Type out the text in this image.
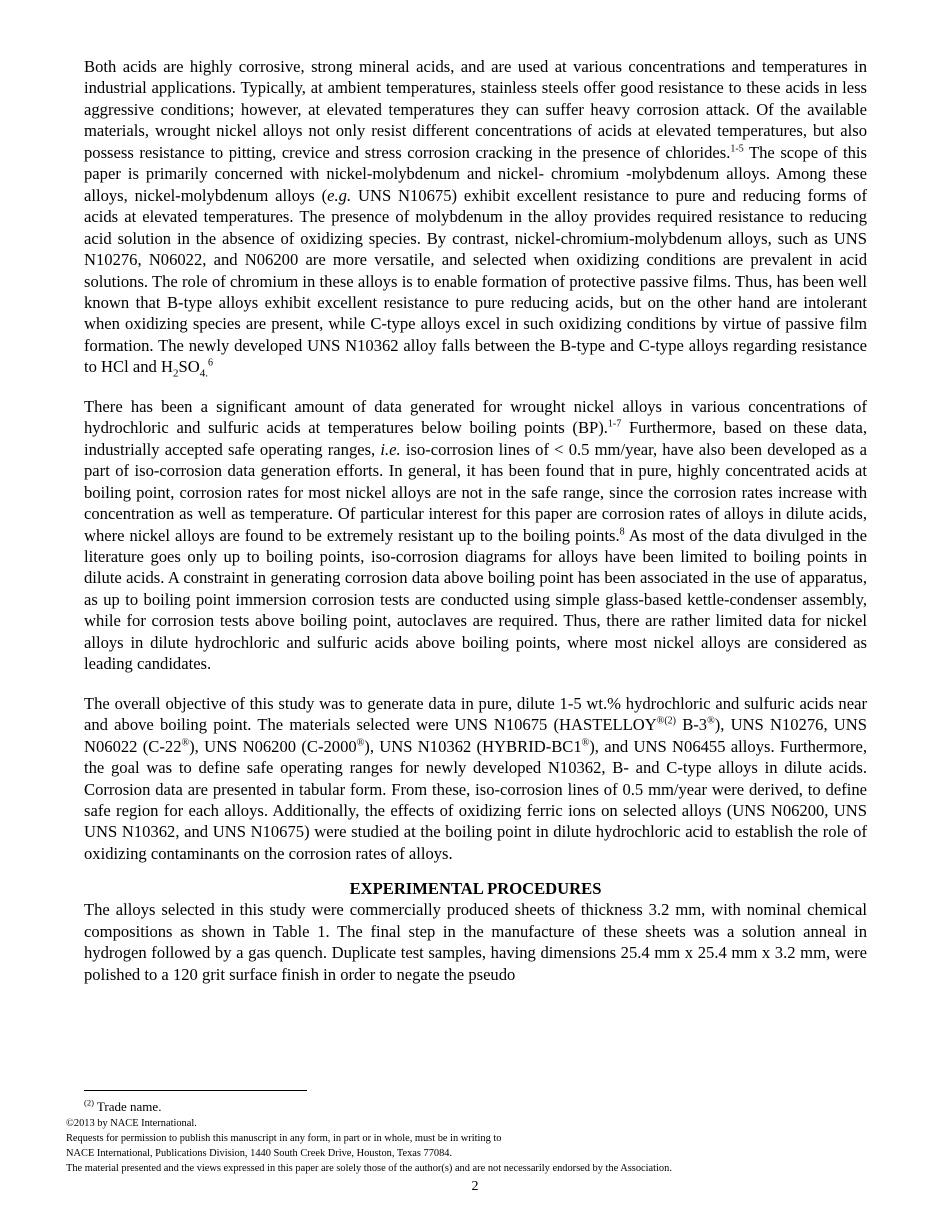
Both acids are highly corrosive, strong mineral acids, and are used at various concentrations and temperatures in industrial applications. Typically, at ambient temperatures, stainless steels offer good resistance to these acids in less aggressive conditions; however, at elevated temperatures they can suffer heavy corrosion attack. Of the available materials, wrought nickel alloys not only resist different concentrations of acids at elevated temperatures, but also possess resistance to pitting, crevice and stress corrosion cracking in the presence of chlorides.$^{1-5}$ The scope of this paper is primarily concerned with nickel-molybdenum and nickel- chromium -molybdenum alloys. Among these alloys, nickel-molybdenum alloys (e.g. UNS N10675) exhibit excellent resistance to pure and reducing forms of acids at elevated temperatures. The presence of molybdenum in the alloy provides required resistance to reducing acid solution in the absence of oxidizing species. By contrast, nickel-chromium-molybdenum alloys, such as UNS N10276, N06022, and N06200 are more versatile, and selected when oxidizing conditions are prevalent in acid solutions. The role of chromium in these alloys is to enable formation of protective passive films. Thus, has been well known that B-type alloys exhibit excellent resistance to pure reducing acids, but on the other hand are intolerant when oxidizing species are present, while C-type alloys excel in such oxidizing conditions by virtue of passive film formation. The newly developed UNS N10362 alloy falls between the B-type and C-type alloys regarding resistance to HCl and $H_2SO_{4.}^6$

There has been a significant amount of data generated for wrought nickel alloys in various concentrations of hydrochloric and sulfuric acids at temperatures below boiling points (BP).$^{1-7}$ Furthermore, based on these data, industrially accepted safe operating ranges, i.e. iso-corrosion lines of < 0.5 mm/year, have also been developed as a part of iso-corrosion data generation efforts. In general, it has been found that in pure, highly concentrated acids at boiling point, corrosion rates for most nickel alloys are not in the safe range, since the corrosion rates increase with concentration as well as temperature. Of particular interest for this paper are corrosion rates of alloys in dilute acids, where nickel alloys are found to be extremely resistant up to the boiling points.$^8$ As most of the data divulged in the literature goes only up to boiling points, iso-corrosion diagrams for alloys have been limited to boiling points in dilute acids. A constraint in generating corrosion data above boiling point has been associated in the use of apparatus, as up to boiling point immersion corrosion tests are conducted using simple glass-based kettle-condenser assembly, while for corrosion tests above boiling point, autoclaves are required. Thus, there are rather limited data for nickel alloys in dilute hydrochloric and sulfuric acids above boiling points, where most nickel alloys are considered as leading candidates.

The overall objective of this study was to generate data in pure, dilute 1-5 wt.% hydrochloric and sulfuric acids near and above boiling point. The materials selected were UNS N10675 ($HASTELLOY^{®(2)}$ B-3®), UNS N10276, UNS N06022 (C-22®), UNS N06200 (C-2000®), UNS N10362 (HYBRID-BC1®), and UNS N06455 alloys. Furthermore, the goal was to define safe operating ranges for newly developed N10362, B- and C-type alloys in dilute acids. Corrosion data are presented in tabular form. From these, iso-corrosion lines of 0.5 mm/year were derived, to define safe region for each alloys. Additionally, the effects of oxidizing ferric ions on selected alloys (UNS N06200, UNS UNS N10362, and UNS N10675) were studied at the boiling point in dilute hydrochloric acid to establish the role of oxidizing contaminants on the corrosion rates of alloys.

EXPERIMENTAL PROCEDURES

The alloys selected in this study were commercially produced sheets of thickness 3.2 mm, with nominal chemical compositions as shown in Table 1. The final step in the manufacture of these sheets was a solution anneal in hydrogen followed by a gas quench. Duplicate test samples, having dimensions 25.4 mm x 25.4 mm x 3.2 mm, were polished to a 120 grit surface finish in order to negate the pseudo

$^{(2)}$ Trade name.
©2013 by NACE International.
Requests for permission to publish this manuscript in any form, in part or in whole, must be in writing to
NACE International, Publications Division, 1440 South Creek Drive, Houston, Texas 77084.
The material presented and the views expressed in this paper are solely those of the author(s) and are not necessarily endorsed by the Association.
2
